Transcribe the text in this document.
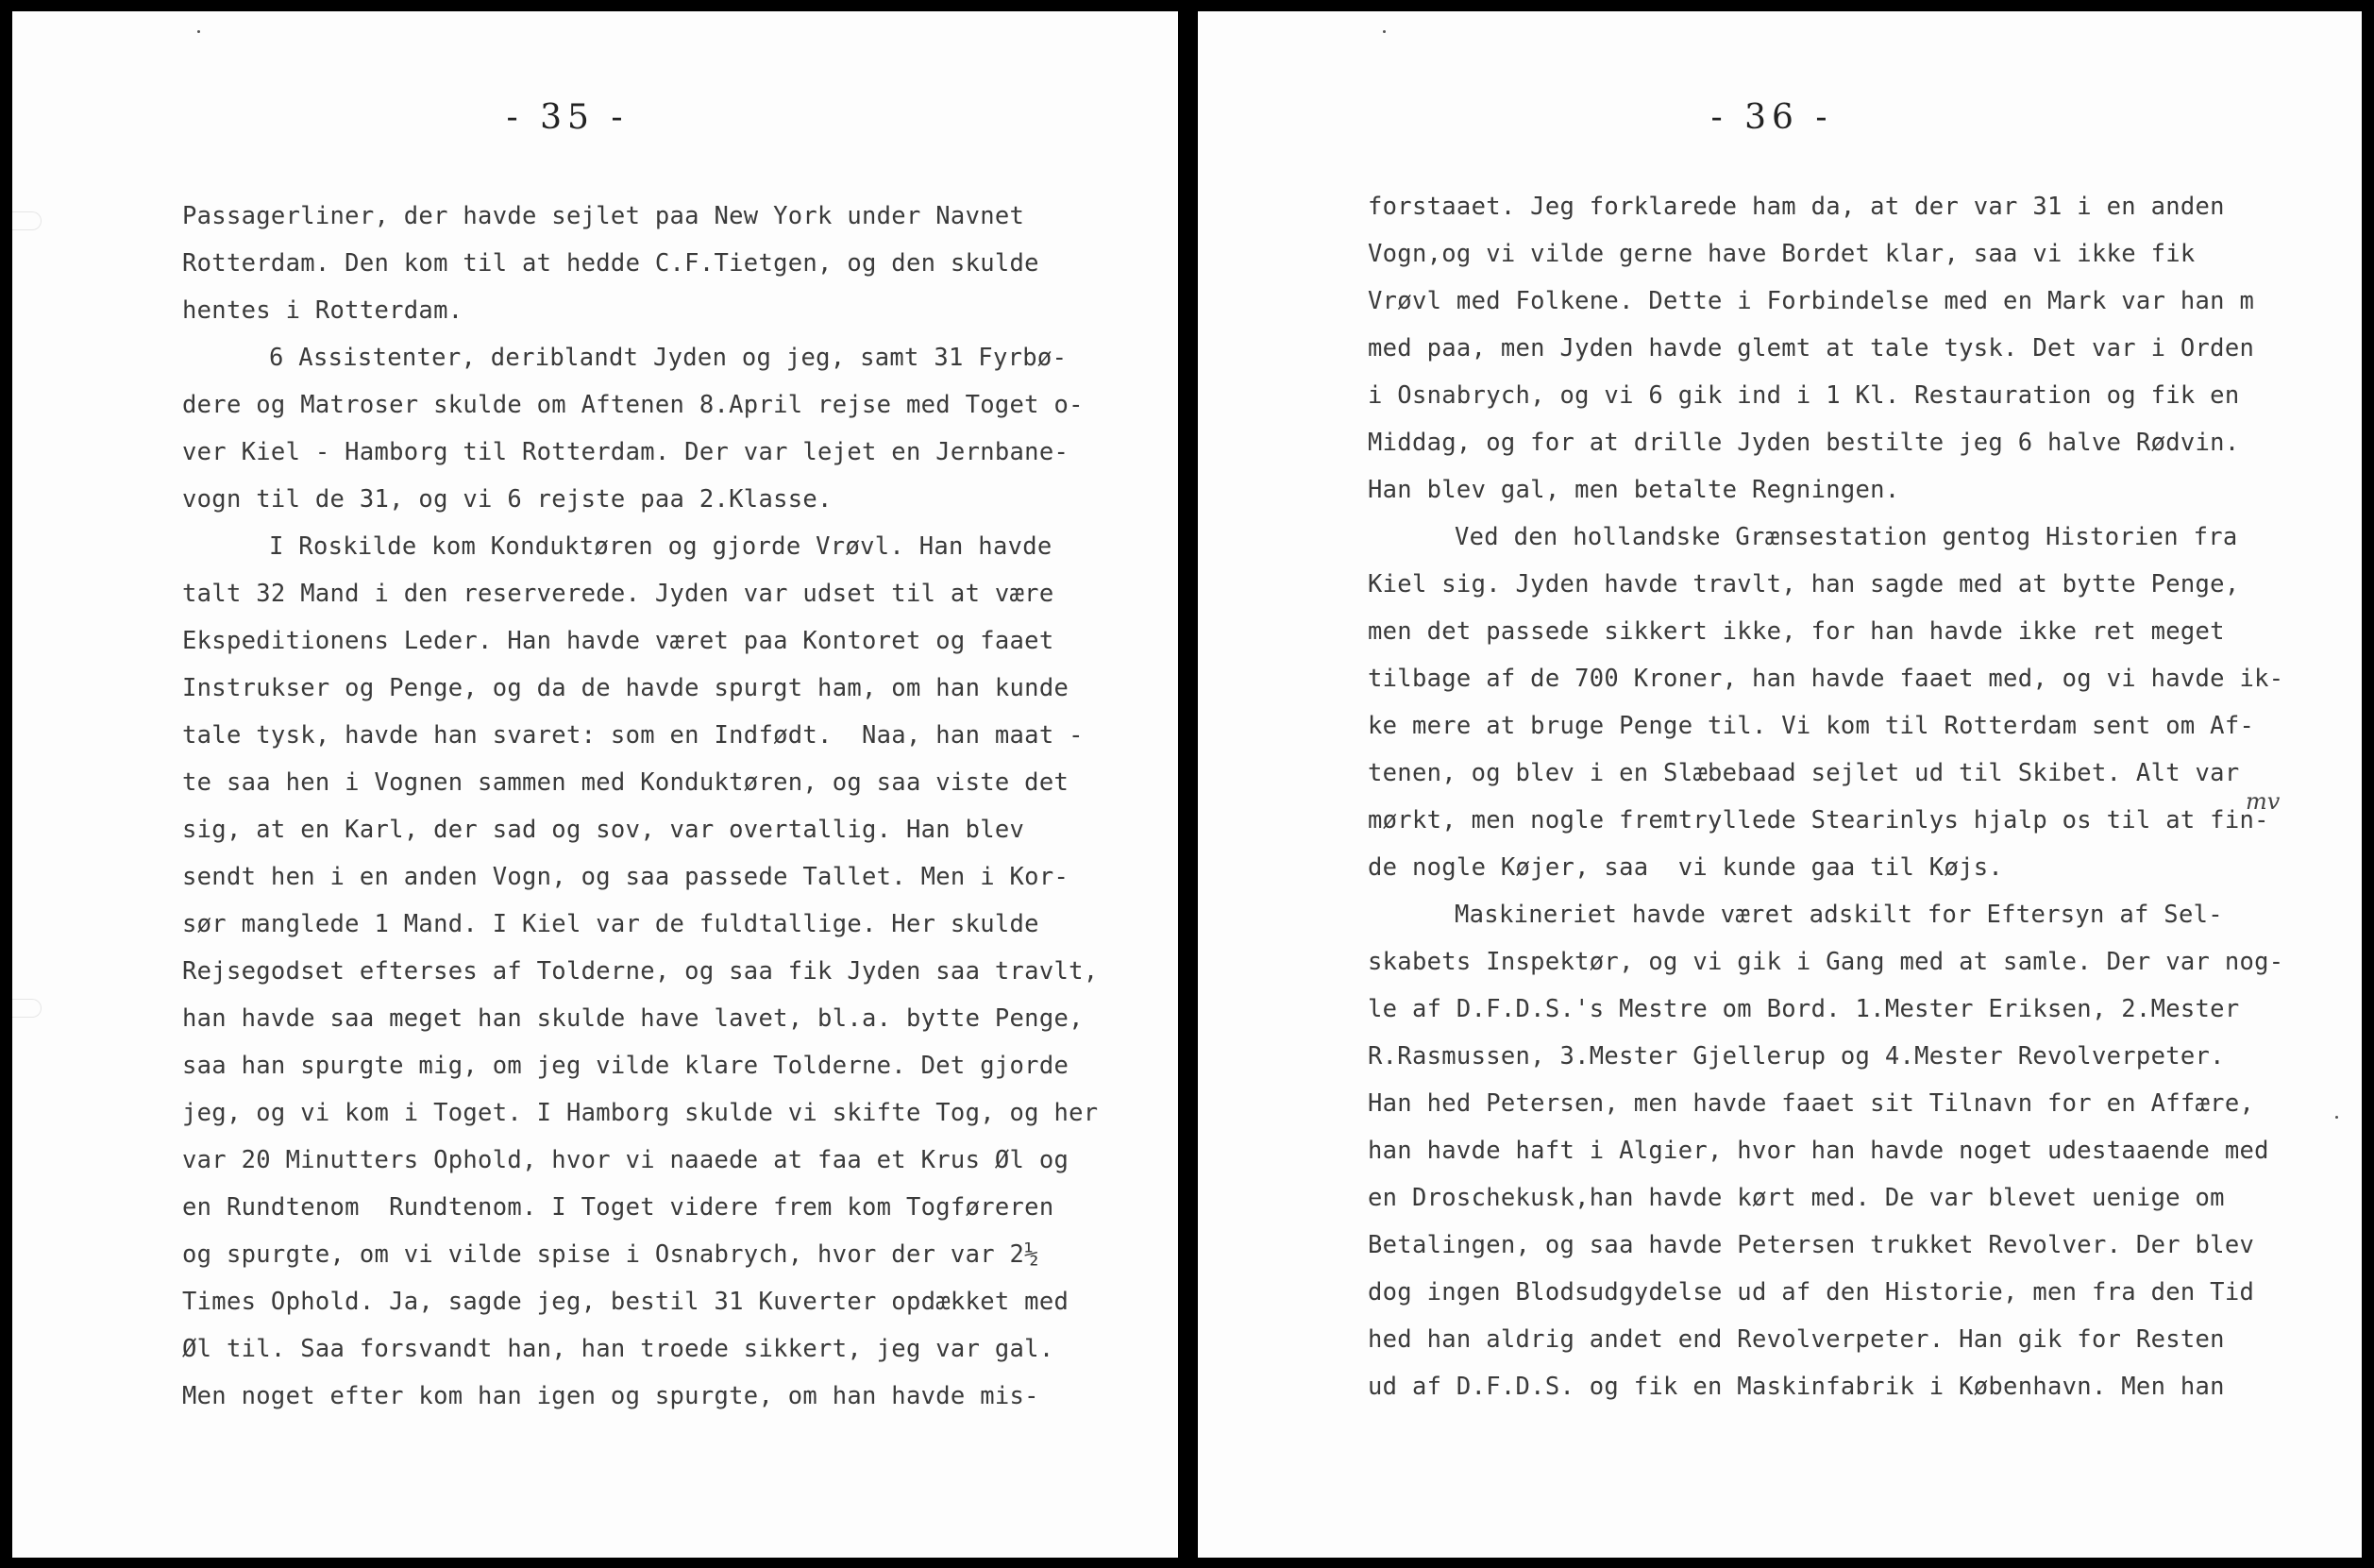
- 35 -
Passagerliner, der havde sejlet paa New York under Navnet
Rotterdam. Den kom til at hedde C.F.Tietgen, og den skulde
hentes i Rotterdam.
6 Assistenter, deriblandt Jyden og jeg, samt 31 Fyrbø-
dere og Matroser skulde om Aftenen 8.April rejse med Toget o-
ver Kiel - Hamborg til Rotterdam. Der var lejet en Jernbane-
vogn til de 31, og vi 6 rejste paa 2.Klasse.
I Roskilde kom Konduktøren og gjorde Vrøvl. Han havde
talt 32 Mand i den reserverede. Jyden var udset til at være
Ekspeditionens Leder. Han havde været paa Kontoret og faaet
Instrukser og Penge, og da de havde spurgt ham, om han kunde
tale tysk, havde han svaret: som en Indfødt.  Naa, han maat -
te saa hen i Vognen sammen med Konduktøren, og saa viste det
sig, at en Karl, der sad og sov, var overtallig. Han blev
sendt hen i en anden Vogn, og saa passede Tallet. Men i Kor-
sør manglede 1 Mand. I Kiel var de fuldtallige. Her skulde
Rejsegodset efterses af Tolderne, og saa fik Jyden saa travlt,
han havde saa meget han skulde have lavet, bl.a. bytte Penge,
saa han spurgte mig, om jeg vilde klare Tolderne. Det gjorde
jeg, og vi kom i Toget. I Hamborg skulde vi skifte Tog, og her
var 20 Minutters Ophold, hvor vi naaede at faa et Krus Øl og
en Rundtenom  Rundtenom. I Toget videre frem kom Togføreren
og spurgte, om vi vilde spise i Osnabrych, hvor der var 2½
Times Ophold. Ja, sagde jeg, bestil 31 Kuverter opdækket med
Øl til. Saa forsvandt han, han troede sikkert, jeg var gal.
Men noget efter kom han igen og spurgte, om han havde mis-
- 36 -
forstaaet. Jeg forklarede ham da, at der var 31 i en anden
Vogn,og vi vilde gerne have Bordet klar, saa vi ikke fik
Vrøvl med Folkene. Dette i Forbindelse med en Mark var han m
med paa, men Jyden havde glemt at tale tysk. Det var i Orden
i Osnabrych, og vi 6 gik ind i 1 Kl. Restauration og fik en
Middag, og for at drille Jyden bestilte jeg 6 halve Rødvin.
Han blev gal, men betalte Regningen.
Ved den hollandske Grænsestation gentog Historien fra
Kiel sig. Jyden havde travlt, han sagde med at bytte Penge,
men det passede sikkert ikke, for han havde ikke ret meget
tilbage af de 700 Kroner, han havde faaet med, og vi havde ik-
ke mere at bruge Penge til. Vi kom til Rotterdam sent om Af-
tenen, og blev i en Slæbebaad sejlet ud til Skibet. Alt var
mørkt, men nogle fremtryllede Stearinlys hjalp os til at fin-
de nogle Køjer, saa  vi kunde gaa til Køjs.
Maskineriet havde været adskilt for Eftersyn af Sel-
skabets Inspektør, og vi gik i Gang med at samle. Der var nog-
le af D.F.D.S.'s Mestre om Bord. 1.Mester Eriksen, 2.Mester
R.Rasmussen, 3.Mester Gjellerup og 4.Mester Revolverpeter.
Han hed Petersen, men havde faaet sit Tilnavn for en Affære,
han havde haft i Algier, hvor han havde noget udestaaende med
en Droschekusk,han havde kørt med. De var blevet uenige om
Betalingen, og saa havde Petersen trukket Revolver. Der blev
dog ingen Blodsudgydelse ud af den Historie, men fra den Tid
hed han aldrig andet end Revolverpeter. Han gik for Resten
ud af D.F.D.S. og fik en Maskinfabrik i København. Men han
mv
